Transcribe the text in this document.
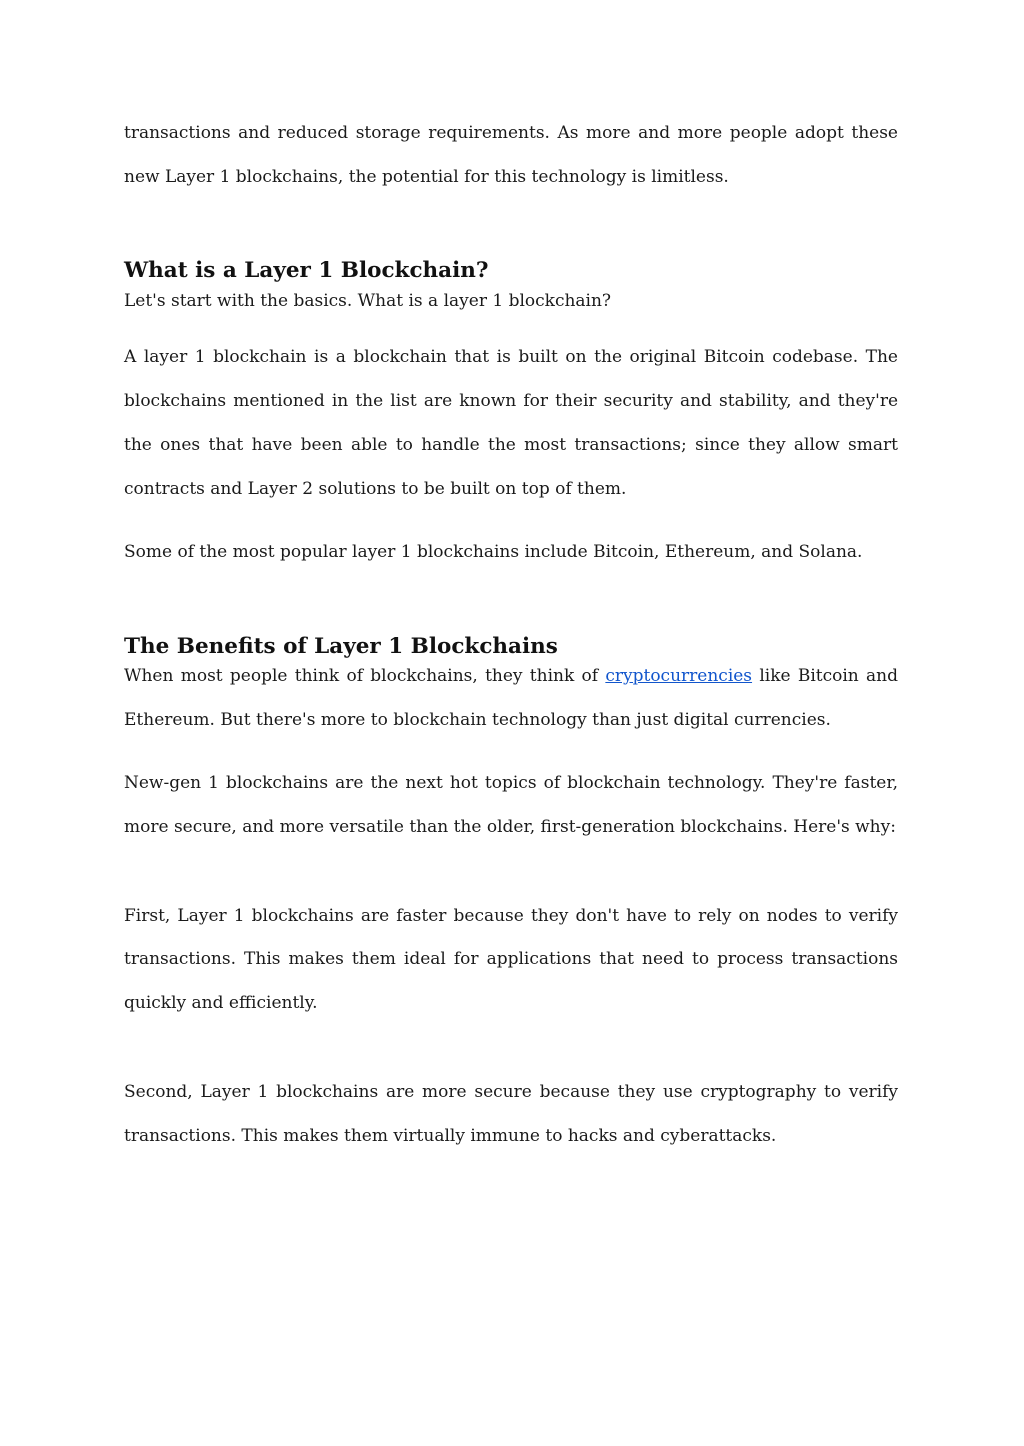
transactions and reduced storage requirements. As more and more people adopt these new Layer 1 blockchains, the potential for this technology is limitless.

What is a Layer 1 Blockchain?

Let's start with the basics. What is a layer 1 blockchain?

A layer 1 blockchain is a blockchain that is built on the original Bitcoin codebase. The blockchains mentioned in the list are known for their security and stability, and they're the ones that have been able to handle the most transactions; since they allow smart contracts and Layer 2 solutions to be built on top of them.

Some of the most popular layer 1 blockchains include Bitcoin, Ethereum, and Solana.

The Benefits of Layer 1 Blockchains

When most people think of blockchains, they think of cryptocurrencies like Bitcoin and Ethereum. But there's more to blockchain technology than just digital currencies.

New-gen 1 blockchains are the next hot topics of blockchain technology. They're faster, more secure, and more versatile than the older, first-generation blockchains. Here's why:

First, Layer 1 blockchains are faster because they don't have to rely on nodes to verify transactions. This makes them ideal for applications that need to process transactions quickly and efficiently.

Second, Layer 1 blockchains are more secure because they use cryptography to verify transactions. This makes them virtually immune to hacks and cyberattacks.
